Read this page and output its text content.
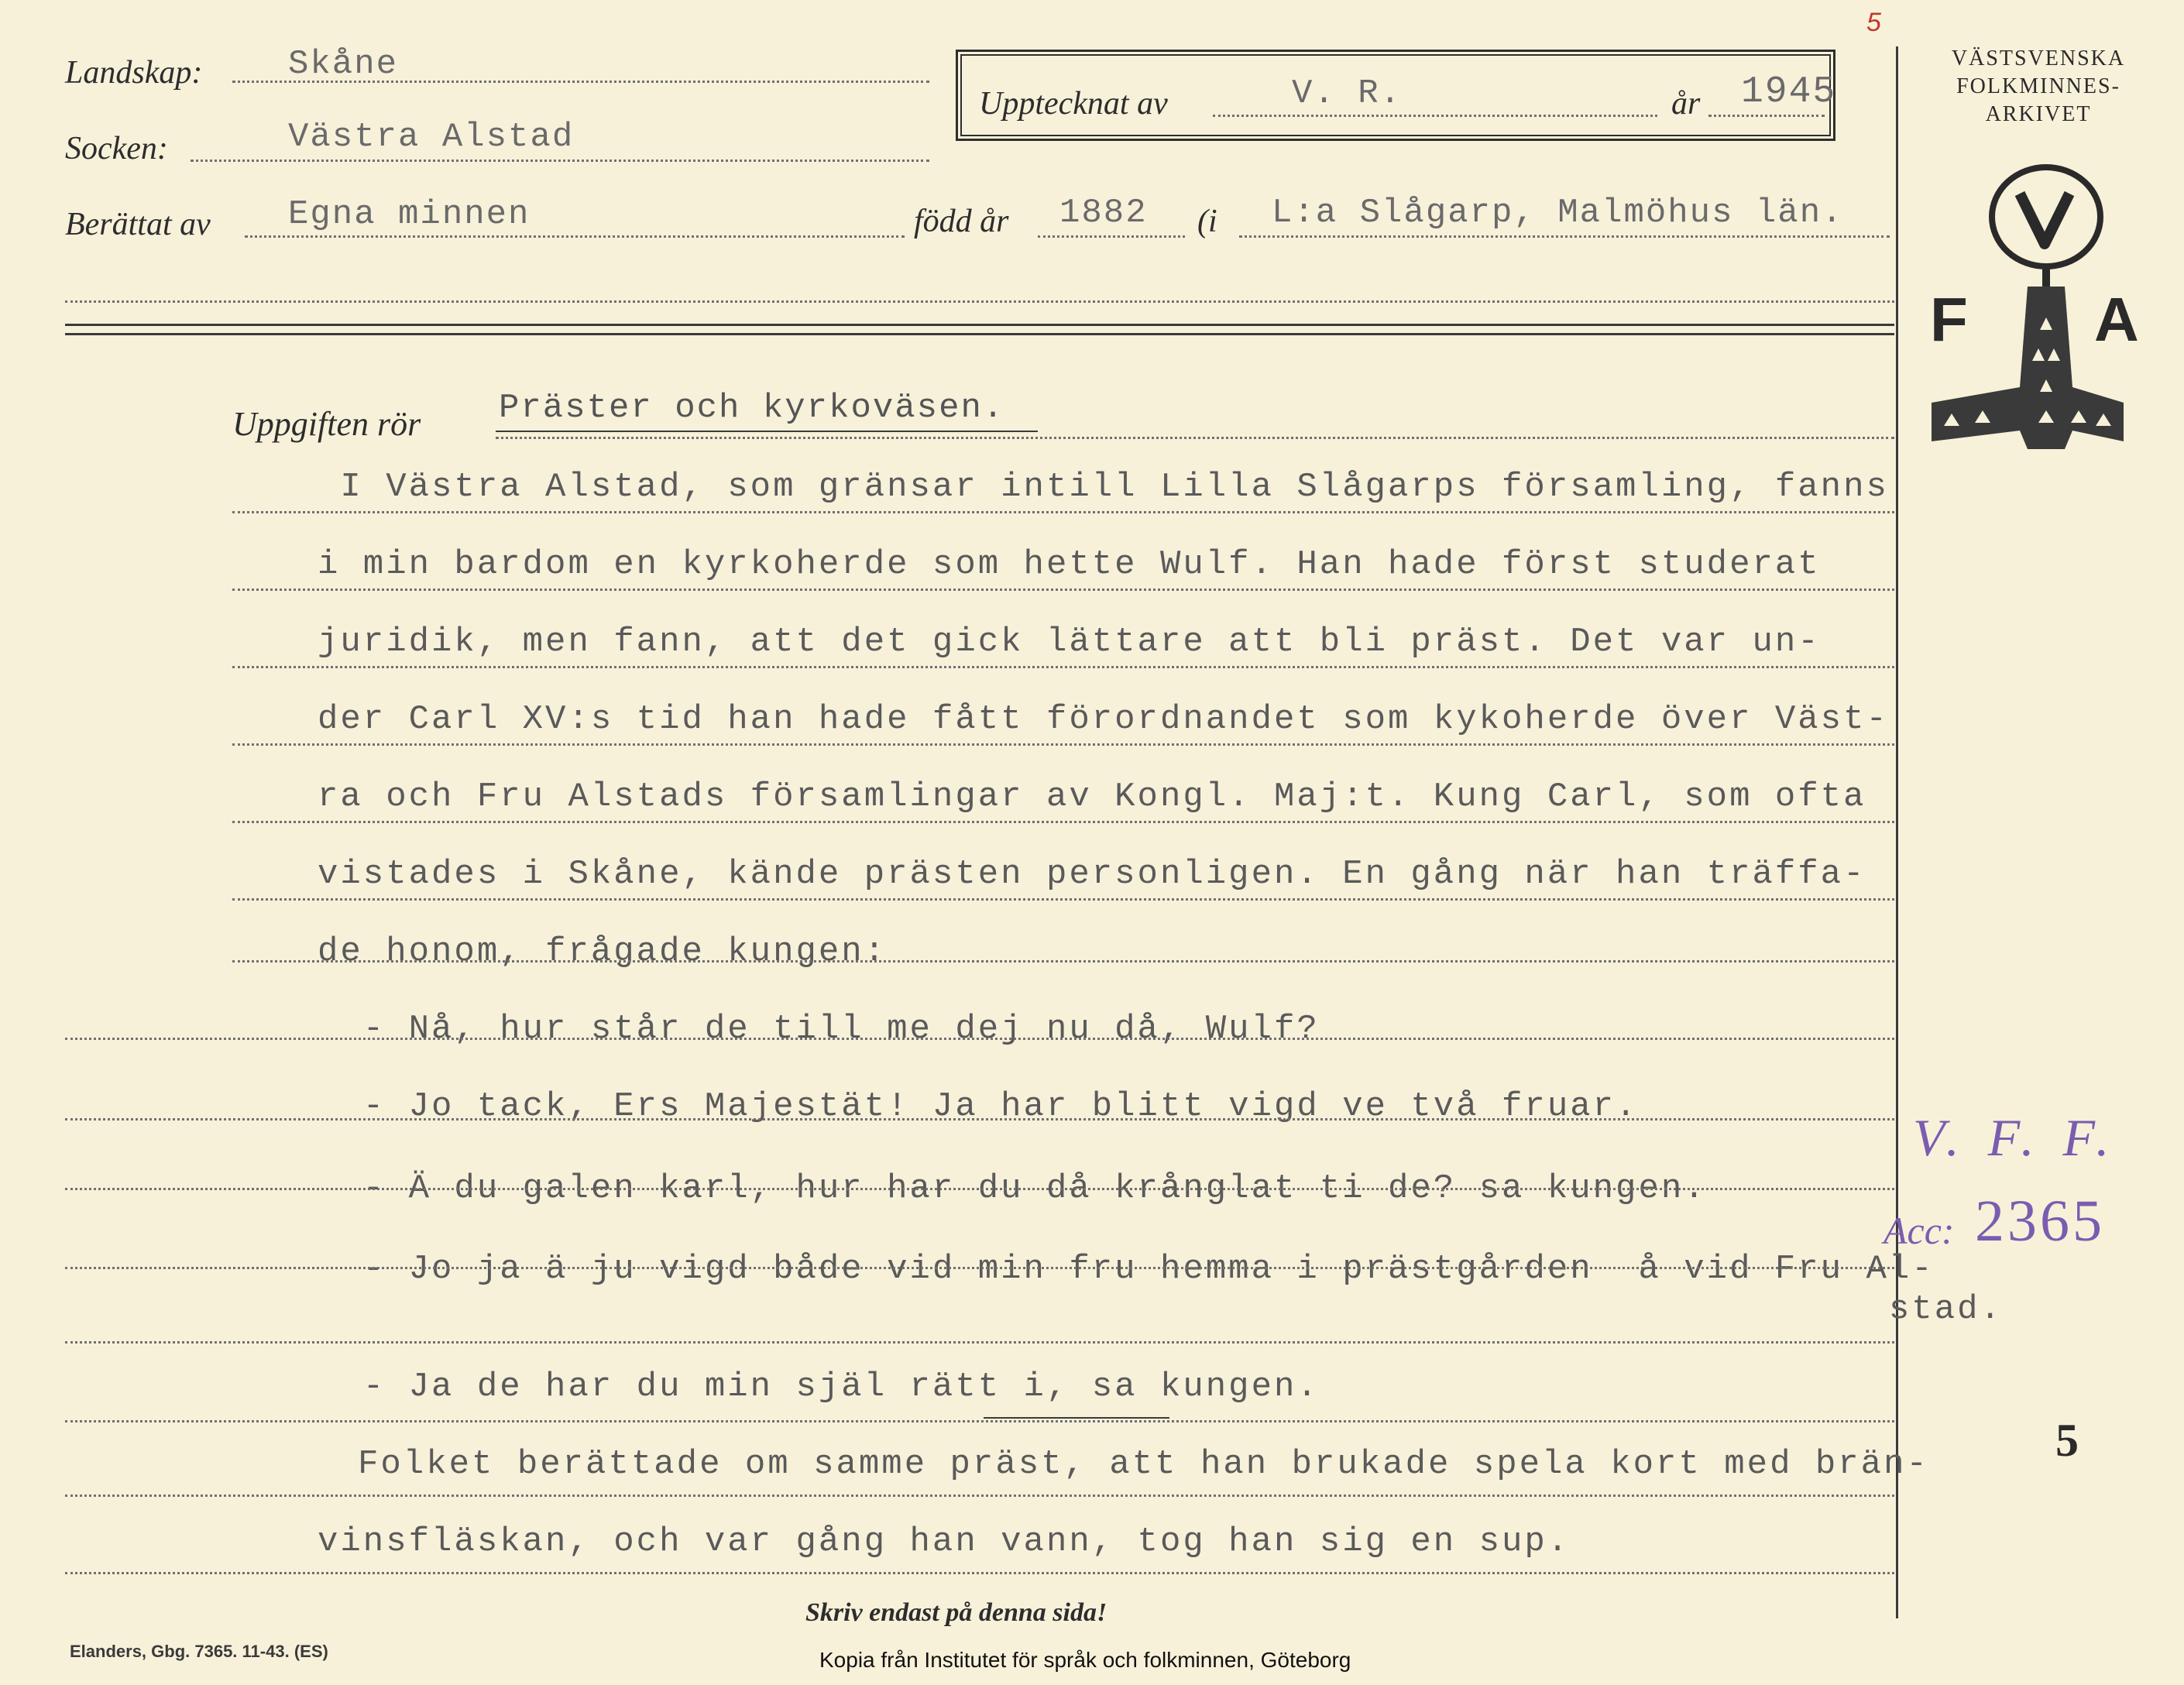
Landskap:	Skåne
Socken:	Västra Alstad
Berättat av Egna minnen	född år 1882 (i L:a Slågarp, Malmöhus län.
Upptecknat av	V. R.	år 1945
5
VÄSTSVENSKA
FOLKMINNES-
ARKIVET
F A
Uppgiften rör Präster och kyrkoväsen.
I Västra Alstad, som gränsar intill Lilla Slågarps församling, fanns
i min bardom en kyrkoherde som hette Wulf. Han hade först studerat
juridik, men fann, att det gick lättare att bli präst. Det var un-
der Carl XV:s tid han hade fått förordnandet som kykoherde över Väst-
ra och Fru Alstads församlingar av Kongl. Maj:t. Kung Carl, som ofta
vistades i Skåne, kände prästen personligen. En gång när han träffa-
de honom, frågade kungen:
- Nå, hur står de till me dej nu då, Wulf?
- Jo tack, Ers Majestät! Ja har blitt vigd ve två fruar.
- Ä du galen karl, hur har du då krånglat ti de? sa kungen.
- Jo ja ä ju vigd både vid min fru hemma i prästgården  å vid Fru Al-
stad.
- Ja de har du min själ rätt i, sa kungen.
Folket berättade om samme präst, att han brukade spela kort med brän-
vinsfläskan, och var gång han vann, tog han sig en sup.
V. F. F.
Acc: 2365
5
Skriv endast på denna sida!
Elanders, Gbg. 7365. 11-43. (ES)	Kopia från Institutet för språk och folkminnen, Göteborg
